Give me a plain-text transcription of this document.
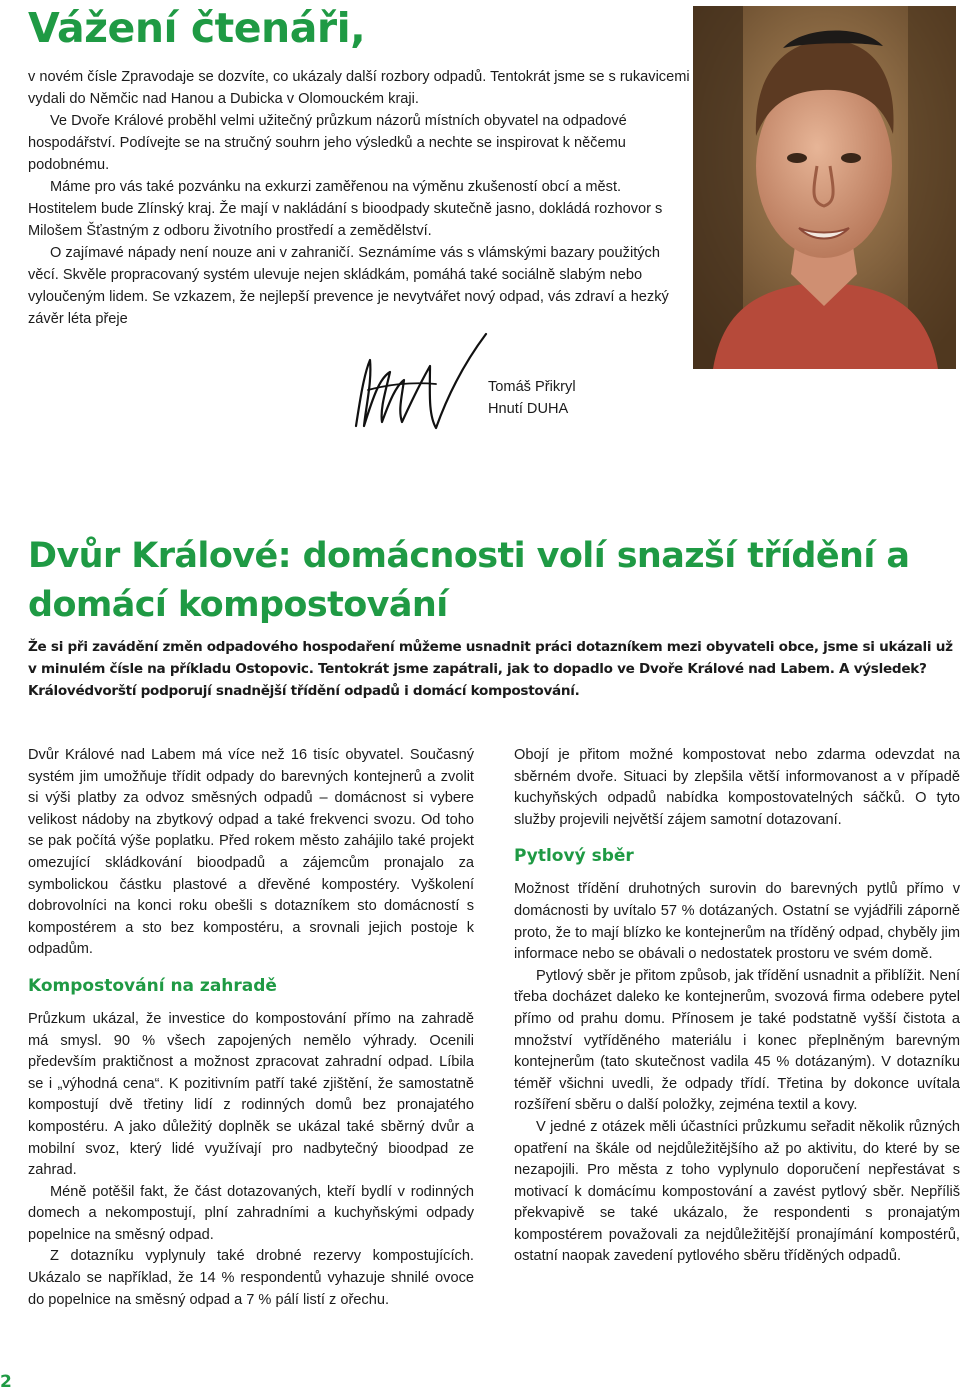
Vážení čtenáři,

v novém čísle Zpravodaje se dozvíte, co ukázaly další rozbory odpadů. Tentokrát jsme se s rukavicemi vydali do Němčic nad Hanou a Dubicka v Olomouckém kraji.

Ve Dvoře Králové proběhl velmi užitečný průzkum názorů místních obyvatel na odpadové hospodářství. Podívejte se na stručný souhrn jeho výsledků a nechte se inspirovat k něčemu podobnému.

Máme pro vás také pozvánku na exkurzi zaměřenou na výměnu zkušeností obcí a měst. Hostitelem bude Zlínský kraj. Že mají v nakládání s bioodpady skutečně jasno, dokládá rozhovor s Milošem Šťastným z odboru životního prostředí a zemědělství.

O zajímavé nápady není nouze ani v zahraničí. Seznámíme vás s vlámskými bazary použitých věcí. Skvěle propracovaný systém ulevuje nejen skládkám, pomáhá také sociálně slabým nebo vyloučeným lidem. Se vzkazem, že nejlepší prevence je nevytvářet nový odpad, vás zdraví a hezký závěr léta přeje

Tomáš Přikryl
Hnutí DUHA
Dvůr Králové: domácnosti volí snazší třídění a domácí kompostování

Že si při zavádění změn odpadového hospodaření můžeme usnadnit práci dotazníkem mezi obyvateli obce, jsme si ukázali už v minulém čísle na příkladu Ostopovic. Tentokrát jsme zapátrali, jak to dopadlo ve Dvoře Králové nad Labem. A výsledek? Královédvorští podporují snadnější třídění odpadů i domácí kompostování.

Dvůr Králové nad Labem má více než 16 tisíc obyvatel. Současný systém jim umožňuje třídit odpady do barevných kontejnerů a zvolit si výši platby za odvoz směsných odpadů – domácnost si vybere velikost nádoby na zbytkový odpad a také frekvenci svozu. Od toho se pak počítá výše poplatku. Před rokem město zahájilo také projekt omezující skládkování bioodpadů a zájemcům pronajalo za symbolickou částku plastové a dřevěné kompostéry. Vyškolení dobrovolníci na konci roku obešli s dotazníkem sto domácností s kompostérem a sto bez kompostéru, a srovnali jejich postoje k odpadům.

Kompostování na zahradě

Průzkum ukázal, že investice do kompostování přímo na zahradě má smysl. 90 % všech zapojených nemělo výhrady. Ocenili především praktičnost a možnost zpracovat zahradní odpad. Líbila se i „výhodná cena“. K pozitivním patří také zjištění, že samostatně kompostují dvě třetiny lidí z rodinných domů bez pronajatého kompostéru. A jako důležitý doplněk se ukázal také sběrný dvůr a mobilní svoz, který lidé využívají pro nadbytečný bioodpad ze zahrad.

Méně potěšil fakt, že část dotazovaných, kteří bydlí v rodinných domech a nekompostují, plní zahradními a kuchyňskými odpady popelnice na směsný odpad.

Z dotazníku vyplynuly také drobné rezervy kompostujících. Ukázalo se například, že 14 % respondentů vyhazuje shnilé ovoce do popelnice na směsný odpad a 7 % pálí listí z ořechu.

Obojí je přitom možné kompostovat nebo zdarma odevzdat na sběrném dvoře. Situaci by zlepšila větší informovanost a v případě kuchyňských odpadů nabídka kompostovatelných sáčků. O tyto služby projevili největší zájem samotní dotazovaní.

Pytlový sběr

Možnost třídění druhotných surovin do barevných pytlů přímo v domácnosti by uvítalo 57 % dotázaných. Ostatní se vyjádřili záporně proto, že to mají blízko ke kontejnerům na tříděný odpad, chyběly jim informace nebo se obávali o nedostatek prostoru ve svém domě.

Pytlový sběr je přitom způsob, jak třídění usnadnit a přiblížit. Není třeba docházet daleko ke kontejnerům, svozová firma odebere pytel přímo od prahu domu. Přínosem je také podstatně vyšší čistota a množství vytříděného materiálu i konec přeplněným barevným kontejnerům (tato skutečnost vadila 45 % dotázaným). V dotazníku téměř všichni uvedli, že odpady třídí. Třetina by dokonce uvítala rozšíření sběru o další položky, zejména textil a kovy.

V jedné z otázek měli účastníci průzkumu seřadit několik různých opatření na škále od nejdůležitějšího až po aktivitu, do které by se nezapojili. Pro města z toho vyplynulo doporučení nepřestávat s motivací k domácímu kompostování a zavést pytlový sběr. Nepříliš překvapivě se také ukázalo, že respondenti s pronajatým kompostérem považovali za nejdůležitější pronajímání kompostérů, ostatní naopak zavedení pytlového sběru tříděných odpadů.

2
